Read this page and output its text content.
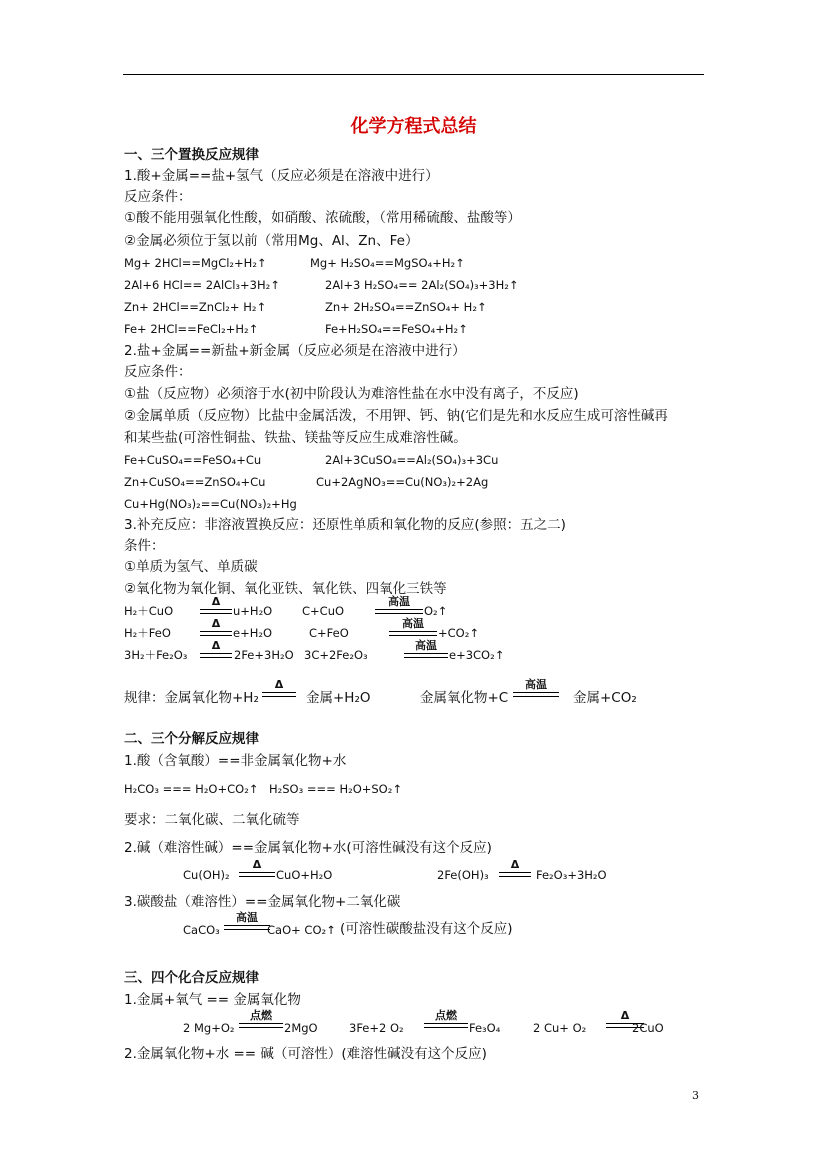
化学方程式总结
一、三个置换反应规律
1.酸+金属==盐+氢气（反应必须是在溶液中进行）
反应条件：
①酸不能用强氧化性酸，如硝酸、浓硫酸，（常用稀硫酸、盐酸等）
②金属必须位于氢以前（常用Mg、Al、Zn、Fe）
Mg+ 2HCl==MgCl₂+H₂↑	Mg+ H₂SO₄==MgSO₄+H₂↑
2Al+6 HCl== 2AlCl₃+3H₂↑	2Al+3 H₂SO₄== 2Al₂(SO₄)₃+3H₂↑
Zn+ 2HCl==ZnCl₂+ H₂↑	Zn+ 2H₂SO₄==ZnSO₄+ H₂↑
Fe+ 2HCl==FeCl₂+H₂↑	Fe+H₂SO₄==FeSO₄+H₂↑
2.盐+金属==新盐+新金属（反应必须是在溶液中进行）
反应条件：
①盐（反应物）必须溶于水(初中阶段认为难溶性盐在水中没有离子，不反应)
②金属单质（反应物）比盐中金属活泼，不用钾、钙、钠(它们是先和水反应生成可溶性碱再
和某些盐(可溶性铜盐、铁盐、镁盐等反应生成难溶性碱。
Fe+CuSO₄==FeSO₄+Cu	2Al+3CuSO₄==Al₂(SO₄)₃+3Cu
Zn+CuSO₄==ZnSO₄+Cu	Cu+2AgNO₃==Cu(NO₃)₂+2Ag
Cu+Hg(NO₃)₂==Cu(NO₃)₂+Hg
3.补充反应：非溶液置换反应：还原性单质和氧化物的反应(参照：五之二)
条件：
①单质为氢气、单质碳
②氧化物为氧化铜、氧化亚铁、氧化铁、四氧化三铁等
H₂＋CuO
Δ
u+H₂O	C+CuO
高温
O₂↑
H₂＋FeO
Δ
e+H₂O	C+FeO
高温
+CO₂↑
3H₂＋Fe₂O₃
Δ
2Fe+3H₂O 3C+2Fe₂O₃
高温
e+3CO₂↑
规律：金属氧化物+H₂
Δ
金属+H₂O	金属氧化物+C
高温
金属+CO₂
二、三个分解反应规律
1.酸（含氧酸）==非金属氧化物+水
H₂CO₃ === H₂O+CO₂↑ H₂SO₃ === H₂O+SO₂↑
要求：二氧化碳、二氧化硫等
2.碱（难溶性碱）==金属氧化物+水(可溶性碱没有这个反应)
Cu(OH)₂
Δ
CuO+H₂O	2Fe(OH)₃
Δ
Fe₂O₃+3H₂O
3.碳酸盐（难溶性）==金属氧化物+二氧化碳
CaCO₃
高温
CaO+ CO₂↑ (可溶性碳酸盐没有这个反应)
三、四个化合反应规律
1.金属+氧气 == 金属氧化物
2 Mg+O₂
点燃
2MgO	3Fe+2 O₂
点燃
Fe₃O₄	2 Cu+ O₂
Δ
2CuO
2.金属氧化物+水 == 碱（可溶性）(难溶性碱没有这个反应)
3
